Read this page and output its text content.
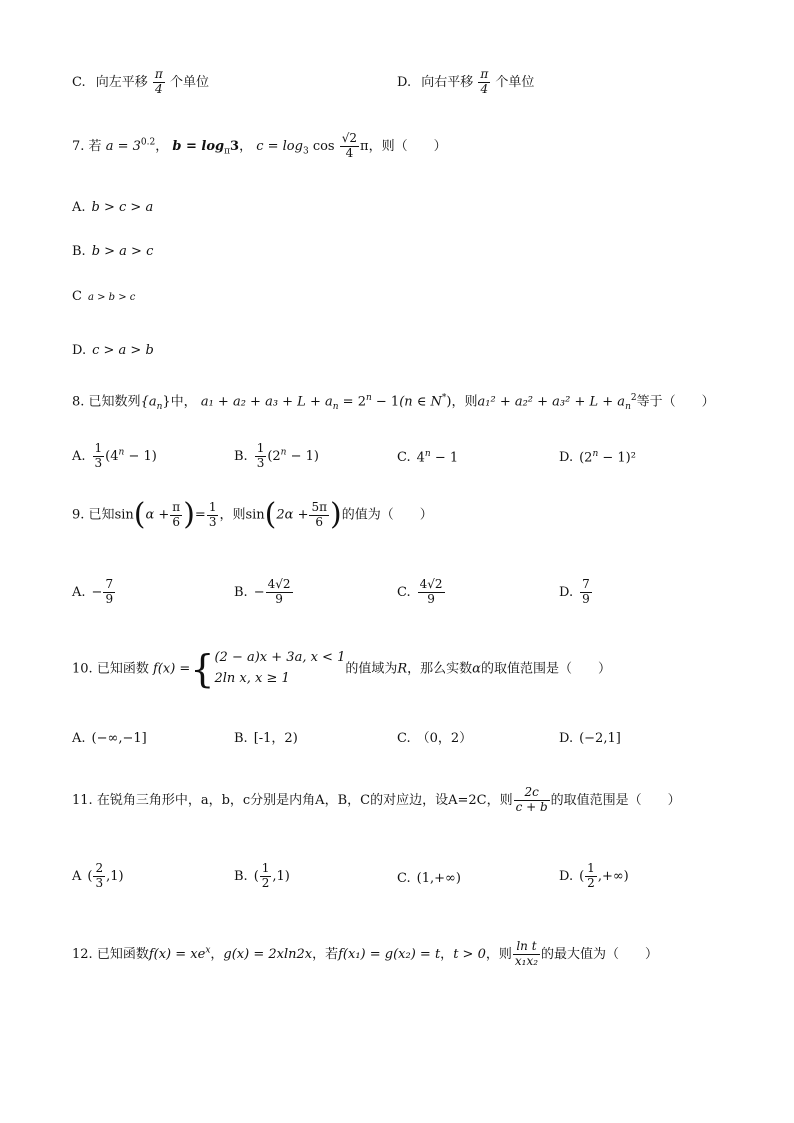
C. 向左平移 $\frac{\pi}{4}$ 个单位	D. 向右平移 $\frac{\pi}{4}$ 个单位
7. 若 $a = 3^{0.2}$， $b = \log_\pi 3$， $c = \log_3 \cos \frac{√2}{4}$ π，则（　　）
A. b > c > a
B. b > a > c
C a > b > c
D. c > a > b
8. 已知数列$\{a_n\}$中， $a_1 + a_2 + a_3 + L + a_n = 2^n - 1(n$ ∈ N*)，则$a_1^2 + a_2^2 + a_3^2 + L + a_n^2$等于（　　）
A. $\frac{1}{3} (4^n - 1)$	B. $\frac{1}{3} (2^n - 1)$	C. $4^n - 1$	D. $(2^n - 1)^2$
9. 已知$\sin(\alpha + \frac{\pi}{6}$ )= $\frac{1}{3}$ ，则$\sin(2\alpha + \frac{5\pi}{6}$ )的值为（　　）
A. − $\frac{7}{9}$	B. − $\frac{4√2}{9}$	C. $\frac{4√2}{9}$	D. $\frac{7}{9}$
10. 已知函数 f(x) ={ (2 − a)x + 3a, x < 1
2ln x, x ≥ 1
的值域为R，那么实数α的取值范围是（　　）
A. (−∞,−1]	B. [-1，2)	C. （0，2）	D. (−2,1]
11. 在锐角三角形中，a，b，c分别是内角A，B，C的对应边，设A=2C，则 $\frac{2c}{c + b}$ 的取值范围是（　　）
A ( $\frac{2}{3} ,1$)	B. ( $\frac{1}{2} ,1$)	C. (1,+∞)	D. ( $\frac{1}{2}$ ,+∞)
12. 已知函数$f(x) = xe^x$，g(x) = 2xln2x，若f(x₁) = g(x₂) = t，t > 0，则 $\frac{\text{ln t}}{\text{x₁x₂}}$ 的最大值为（　　）
